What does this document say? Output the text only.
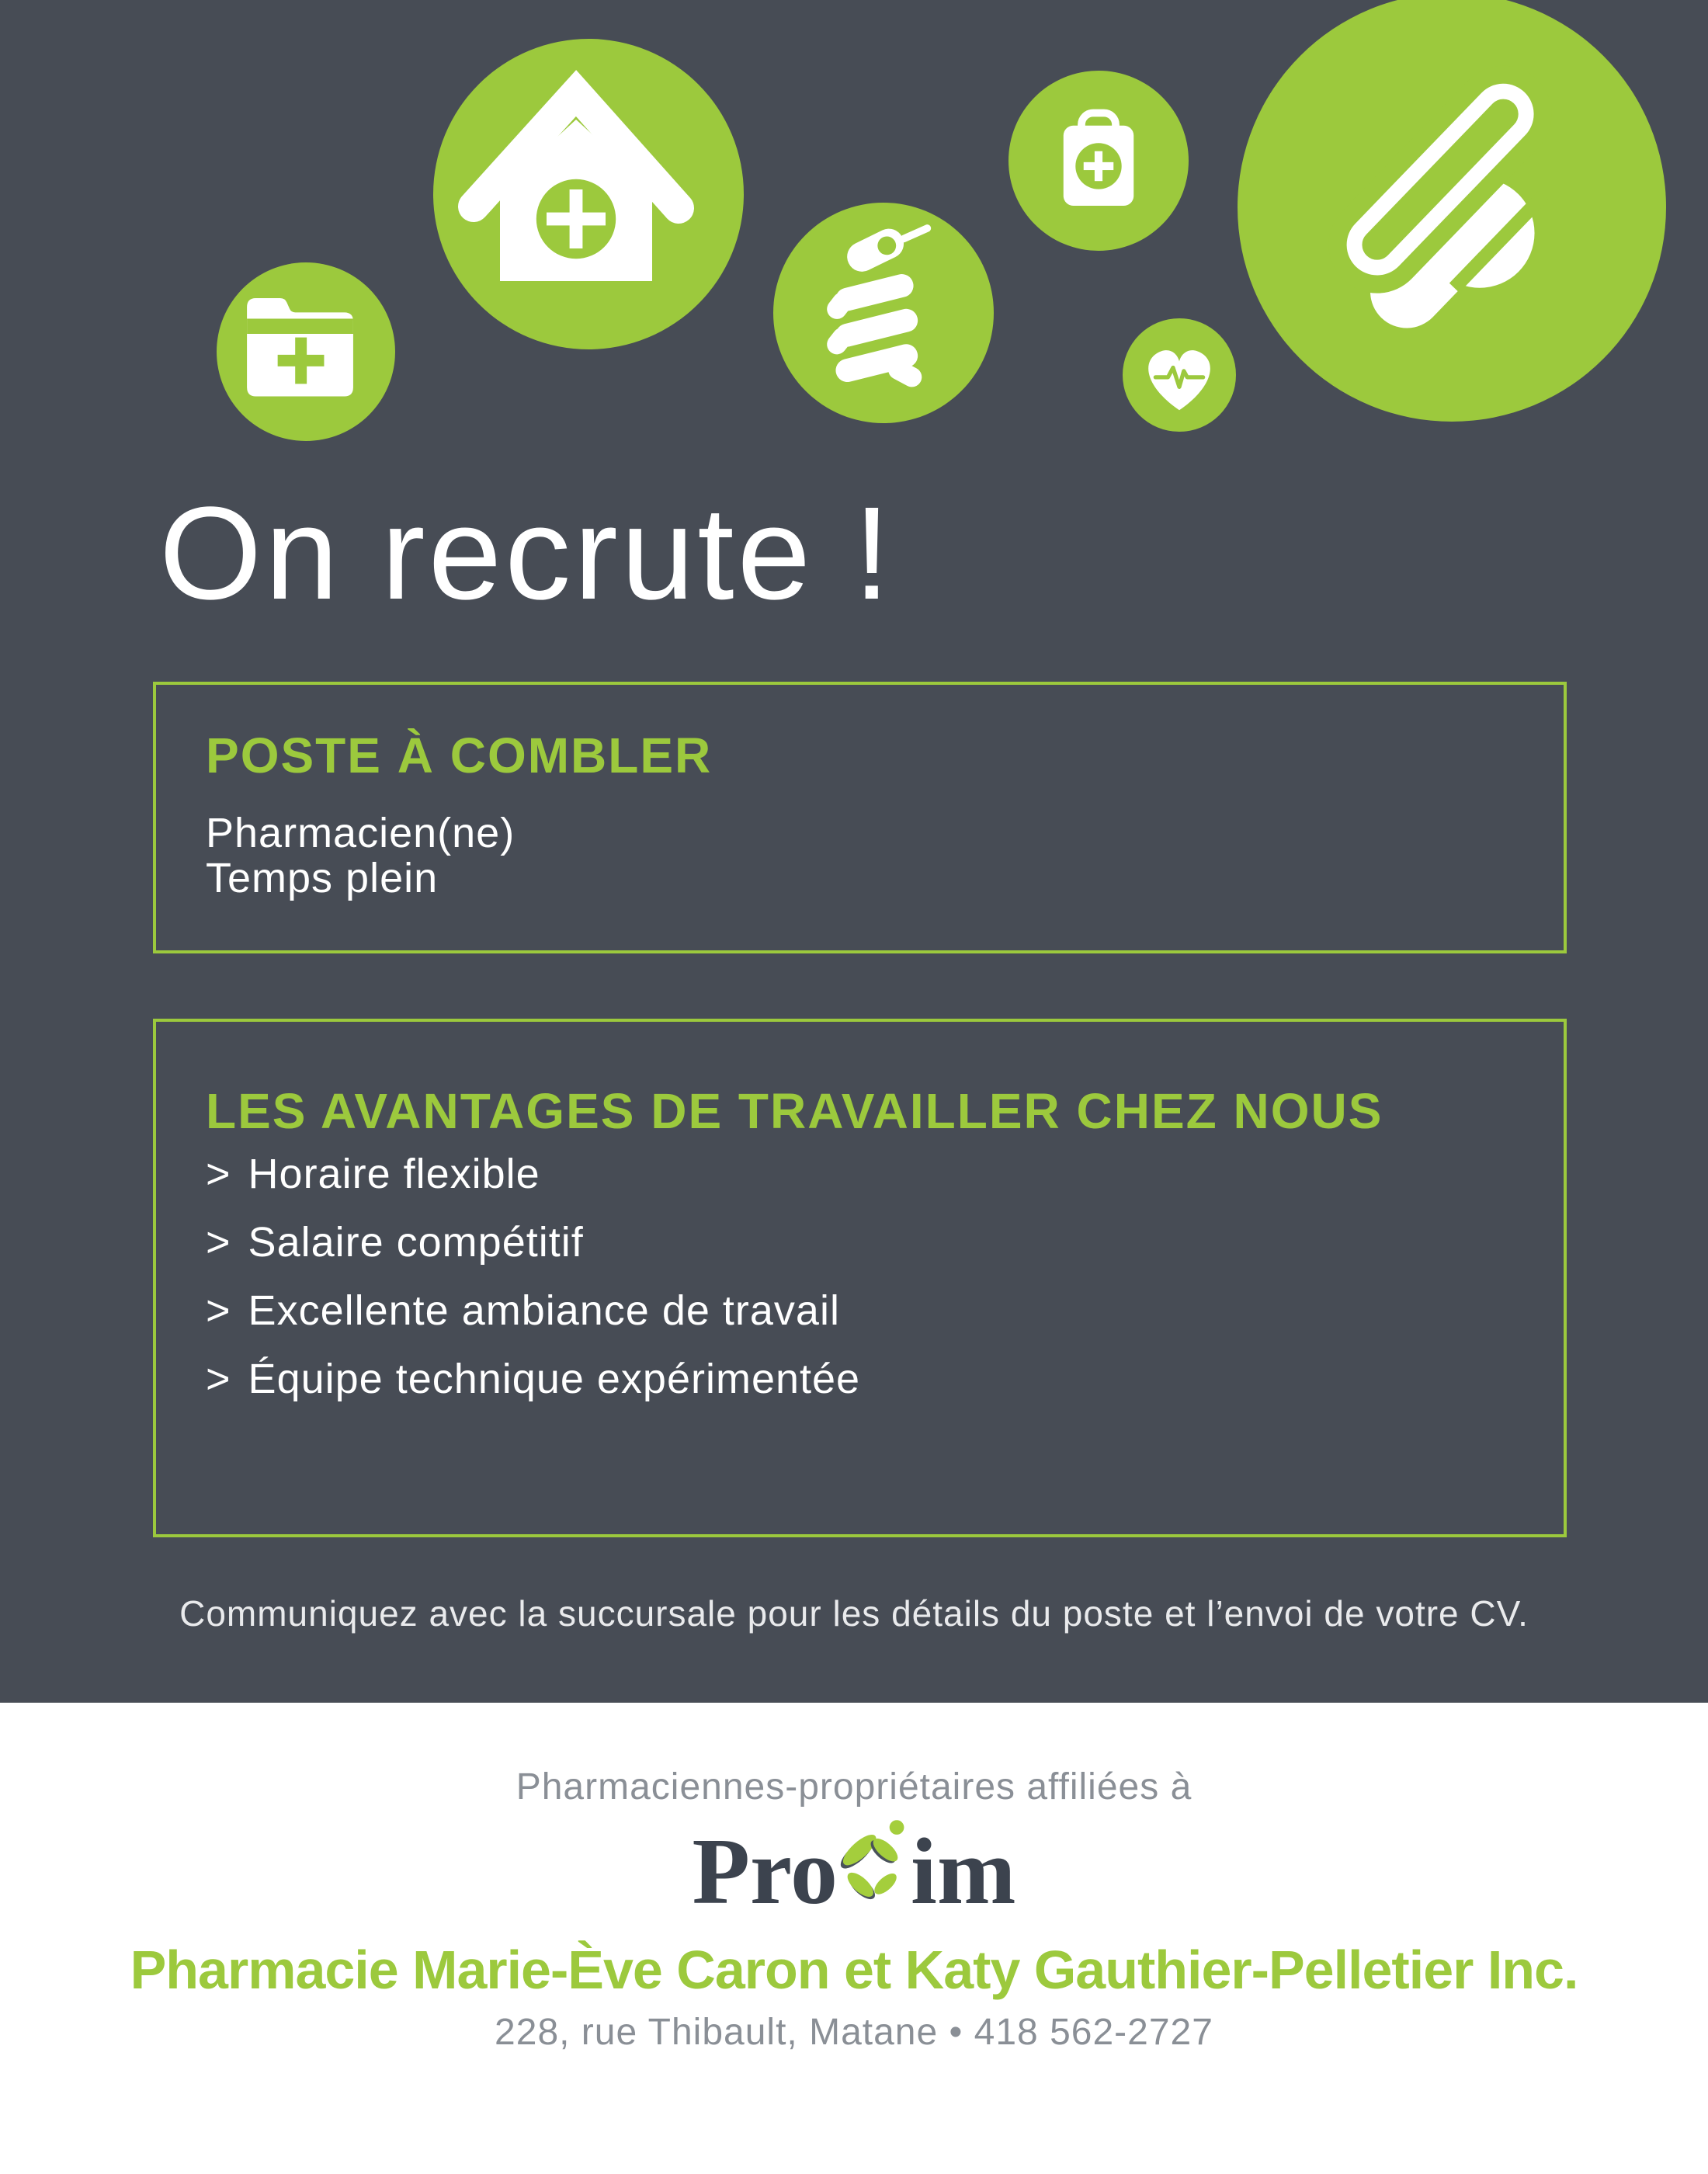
On recrute !
POSTE À COMBLER
Pharmacien(ne)
Temps plein
LES AVANTAGES DE TRAVAILLER CHEZ NOUS
> Horaire flexible
> Salaire compétitif
> Excellente ambiance de travail
> Équipe technique expérimentée

Communiquez avec la succursale pour les détails du poste et l’envoi de votre CV.

Pharmaciennes-propriétaires affiliées à

Pro im

Pharmacie Marie-Ève Caron et Katy Gauthier-Pelletier Inc.

228, rue Thibault, Matane • 418 562-2727
